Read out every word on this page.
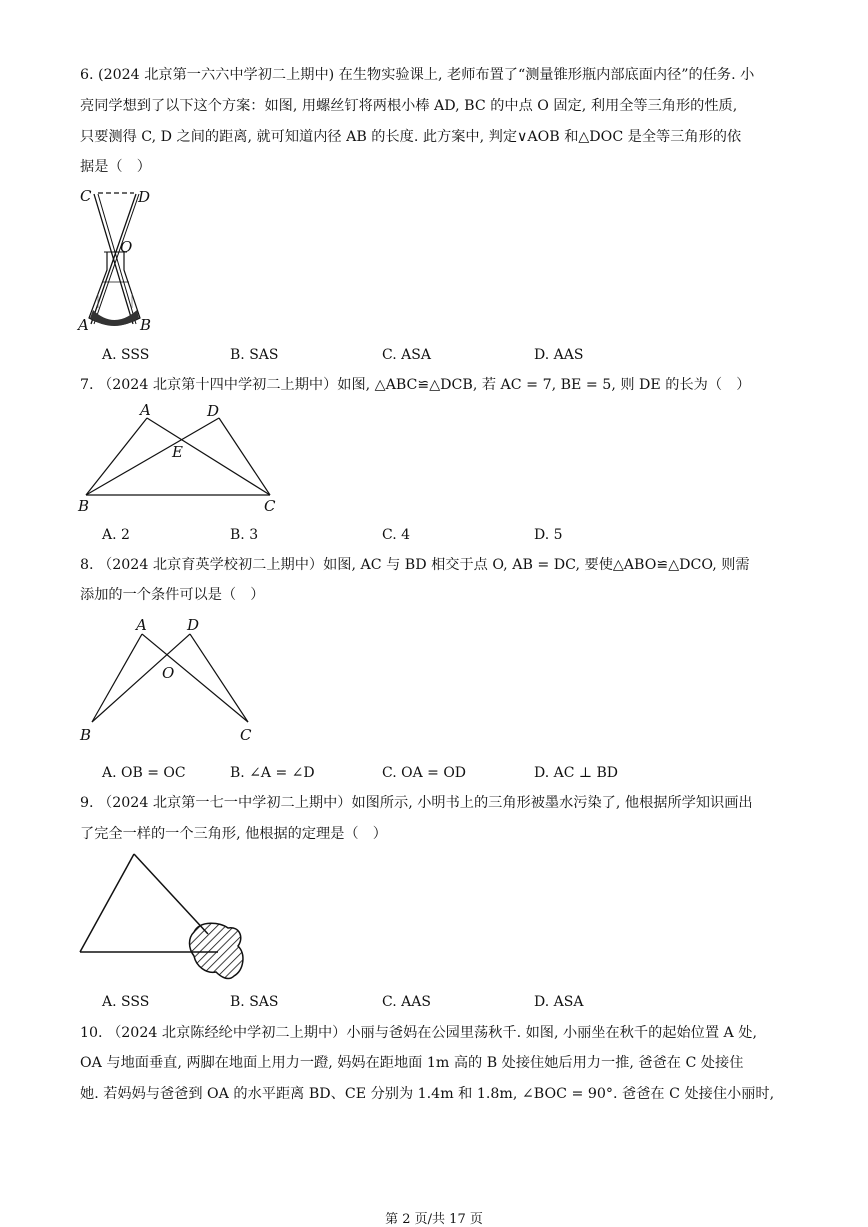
6. (2024 北京第一六六中学初二上期中) 在生物实验课上, 老师布置了“测量锥形瓶内部底面内径”的任务. 小
亮同学想到了以下这个方案：如图, 用螺丝钉将两根小棒 AD, BC 的中点 O 固定, 利用全等三角形的性质,
只要测得 C, D 之间的距离, 就可知道内径 AB 的长度. 此方案中, 判定∨AOB 和△DOC 是全等三角形的依
据是（　）
C	D
O
A	B
A. SSS	B. SAS	C. ASA	D. AAS
7. （2024 北京第十四中学初二上期中）如图, △ABC≌△DCB, 若 AC = 7, BE = 5, 则 DE 的长为（　）
A	D
E
B	C
A. 2	B. 3	C. 4	D. 5
8. （2024 北京育英学校初二上期中）如图, AC 与 BD 相交于点 O, AB = DC, 要使△ABO≌△DCO, 则需
添加的一个条件可以是（　）
A	D
O
B	C
A. OB = OC	B. ∠A = ∠D	C. OA = OD	D. AC ⊥ BD
9. （2024 北京第一七一中学初二上期中）如图所示, 小明书上的三角形被墨水污染了, 他根据所学知识画出
了完全一样的一个三角形, 他根据的定理是（　）
A. SSS	B. SAS	C. AAS	D. ASA
10. （2024 北京陈经纶中学初二上期中）小丽与爸妈在公园里荡秋千. 如图, 小丽坐在秋千的起始位置 A 处,
OA 与地面垂直, 两脚在地面上用力一蹬, 妈妈在距地面 1m 高的 B 处接住她后用力一推, 爸爸在 C 处接住
她. 若妈妈与爸爸到 OA 的水平距离 BD、CE 分别为 1.4m 和 1.8m, ∠BOC = 90°. 爸爸在 C 处接住小丽时,
第 2 页/共 17 页
